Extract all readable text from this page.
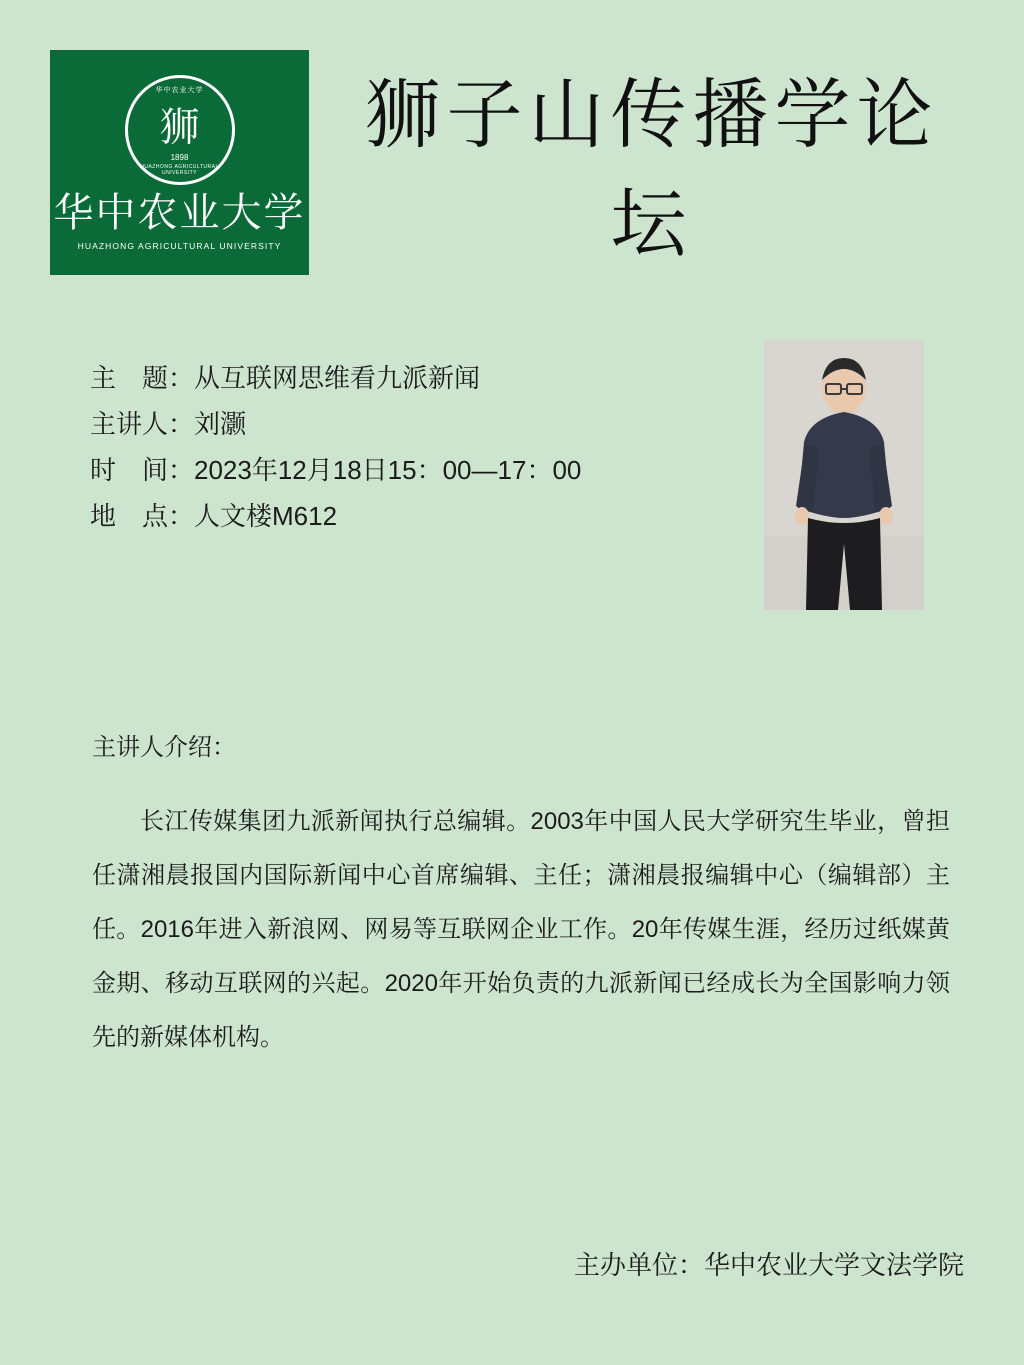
华中农业大学
狮
1898
HUAZHONG AGRICULTURAL UNIVERSITY
华中农业大学
HUAZHONG AGRICULTURAL UNIVERSITY
狮子山传播学论坛
主　题：从互联网思维看九派新闻
主讲人：刘灏
时　间：2023年12月18日15：00—17：00
地　点：人文楼M612
主讲人介绍：
长江传媒集团九派新闻执行总编辑。2003年中国人民大学研究生毕业，曾担任潇湘晨报国内国际新闻中心首席编辑、主任；潇湘晨报编辑中心（编辑部）主任。2016年进入新浪网、网易等互联网企业工作。20年传媒生涯，经历过纸媒黄金期、移动互联网的兴起。2020年开始负责的九派新闻已经成长为全国影响力领先的新媒体机构。
主办单位：华中农业大学文法学院
